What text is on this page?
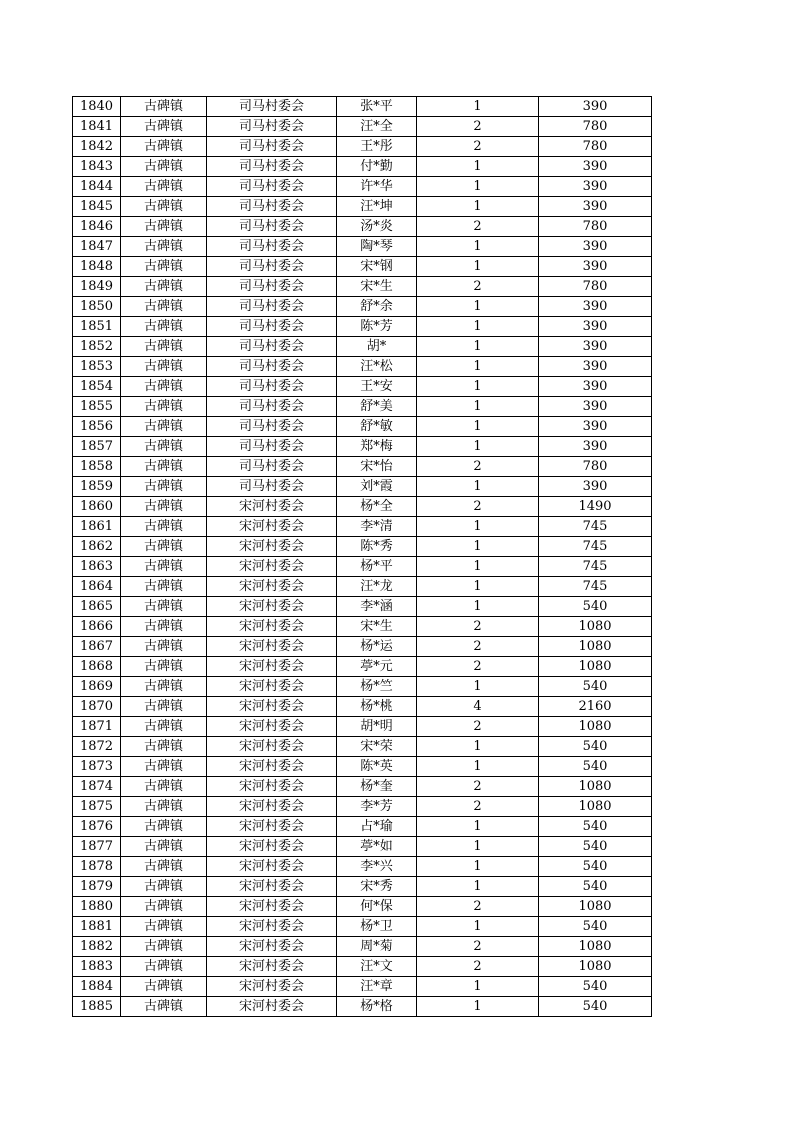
1840	古碑镇	司马村委会	张*平	1	390
1841	古碑镇	司马村委会	汪*全	2	780
1842	古碑镇	司马村委会	王*彤	2	780
1843	古碑镇	司马村委会	付*勤	1	390
1844	古碑镇	司马村委会	许*华	1	390
1845	古碑镇	司马村委会	汪*坤	1	390
1846	古碑镇	司马村委会	汤*炎	2	780
1847	古碑镇	司马村委会	陶*琴	1	390
1848	古碑镇	司马村委会	宋*钢	1	390
1849	古碑镇	司马村委会	宋*生	2	780
1850	古碑镇	司马村委会	舒*余	1	390
1851	古碑镇	司马村委会	陈*芳	1	390
1852	古碑镇	司马村委会	胡*	1	390
1853	古碑镇	司马村委会	汪*松	1	390
1854	古碑镇	司马村委会	王*安	1	390
1855	古碑镇	司马村委会	舒*美	1	390
1856	古碑镇	司马村委会	舒*敏	1	390
1857	古碑镇	司马村委会	郑*梅	1	390
1858	古碑镇	司马村委会	宋*怡	2	780
1859	古碑镇	司马村委会	刘*霞	1	390
1860	古碑镇	宋河村委会	杨*全	2	1490
1861	古碑镇	宋河村委会	李*清	1	745
1862	古碑镇	宋河村委会	陈*秀	1	745
1863	古碑镇	宋河村委会	杨*平	1	745
1864	古碑镇	宋河村委会	汪*龙	1	745
1865	古碑镇	宋河村委会	李*涵	1	540
1866	古碑镇	宋河村委会	宋*生	2	1080
1867	古碑镇	宋河村委会	杨*运	2	1080
1868	古碑镇	宋河村委会	葶*元	2	1080
1869	古碑镇	宋河村委会	杨*竺	1	540
1870	古碑镇	宋河村委会	杨*桃	4	2160
1871	古碑镇	宋河村委会	胡*明	2	1080
1872	古碑镇	宋河村委会	宋*荣	1	540
1873	古碑镇	宋河村委会	陈*英	1	540
1874	古碑镇	宋河村委会	杨*奎	2	1080
1875	古碑镇	宋河村委会	李*芳	2	1080
1876	古碑镇	宋河村委会	占*瑜	1	540
1877	古碑镇	宋河村委会	葶*如	1	540
1878	古碑镇	宋河村委会	李*兴	1	540
1879	古碑镇	宋河村委会	宋*秀	1	540
1880	古碑镇	宋河村委会	何*保	2	1080
1881	古碑镇	宋河村委会	杨*卫	1	540
1882	古碑镇	宋河村委会	周*菊	2	1080
1883	古碑镇	宋河村委会	汪*文	2	1080
1884	古碑镇	宋河村委会	汪*章	1	540
1885	古碑镇	宋河村委会	杨*格	1	540
